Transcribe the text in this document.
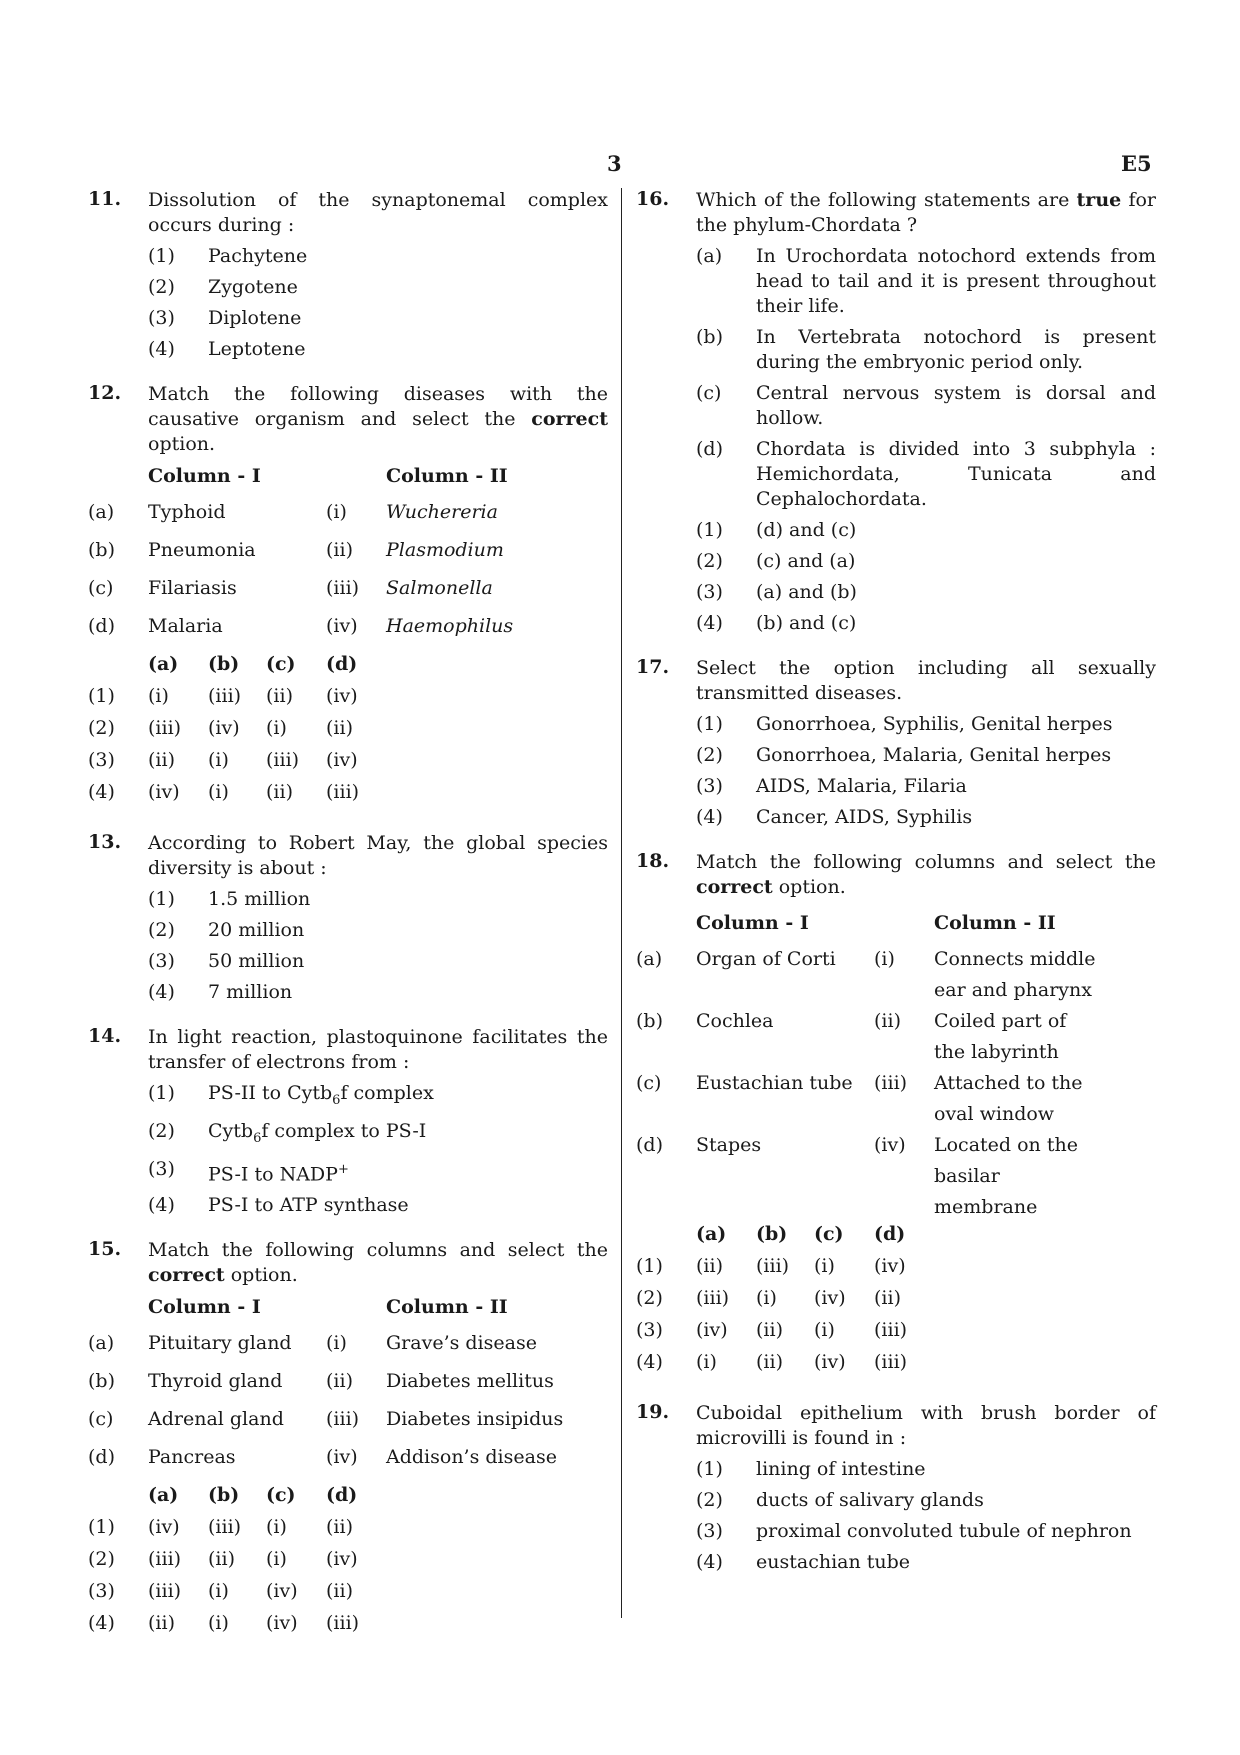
3	E5
11. Dissolution of the synaptonemal complex occurs during :
(1) Pachytene
(2) Zygotene
(3) Diplotene
(4) Leptotene
12. Match the following diseases with the causative organism and select the correct option.
	Column - I		Column - II
(a)	Typhoid	(i)	Wuchereria
(b)	Pneumonia	(ii)	Plasmodium
(c)	Filariasis	(iii)	Salmonella
(d)	Malaria	(iv)	Haemophilus
	(a)	(b)	(c)	(d)
(1)	(i)	(iii)	(ii)	(iv)
(2)	(iii)	(iv)	(i)	(ii)
(3)	(ii)	(i)	(iii)	(iv)
(4)	(iv)	(i)	(ii)	(iii)
13. According to Robert May, the global species diversity is about :
(1) 1.5 million
(2) 20 million
(3) 50 million
(4) 7 million
14. In light reaction, plastoquinone facilitates the transfer of electrons from :
(1) PS-II to Cytb$_6$f complex
(2) Cytb$_6$f complex to PS-I
(3) PS-I to NADP+
(4) PS-I to ATP synthase
15. Match the following columns and select the correct option.
	Column - I		Column - II
(a)	Pituitary gland	(i)	Grave’s disease
(b)	Thyroid gland	(ii)	Diabetes mellitus
(c)	Adrenal gland	(iii)	Diabetes insipidus
(d)	Pancreas	(iv)	Addison’s disease
	(a)	(b)	(c)	(d)
(1)	(iv)	(iii)	(i)	(ii)
(2)	(iii)	(ii)	(i)	(iv)
(3)	(iii)	(i)	(iv)	(ii)
(4)	(ii)	(i)	(iv)	(iii)
16. Which of the following statements are true for the phylum-Chordata ?
(a) In Urochordata notochord extends from head to tail and it is present throughout their life.
(b) In Vertebrata notochord is present during the embryonic period only.
(c) Central nervous system is dorsal and hollow.
(d) Chordata is divided into 3 subphyla : Hemichordata, Tunicata and Cephalochordata.
(1) (d) and (c)
(2) (c) and (a)
(3) (a) and (b)
(4) (b) and (c)
17. Select the option including all sexually transmitted diseases.
(1) Gonorrhoea, Syphilis, Genital herpes
(2) Gonorrhoea, Malaria, Genital herpes
(3) AIDS, Malaria, Filaria
(4) Cancer, AIDS, Syphilis
18. Match the following columns and select the correct option.
	Column - I		Column - II
(a)	Organ of Corti	(i)	Connects middle ear and pharynx
(b)	Cochlea	(ii)	Coiled part of the labyrinth
(c)	Eustachian tube	(iii)	Attached to the oval window
(d)	Stapes	(iv)	Located on the basilar membrane
	(a)	(b)	(c)	(d)
(1)	(ii)	(iii)	(i)	(iv)
(2)	(iii)	(i)	(iv)	(ii)
(3)	(iv)	(ii)	(i)	(iii)
(4)	(i)	(ii)	(iv)	(iii)
19. Cuboidal epithelium with brush border of microvilli is found in :
(1) lining of intestine
(2) ducts of salivary glands
(3) proximal convoluted tubule of nephron
(4) eustachian tube
